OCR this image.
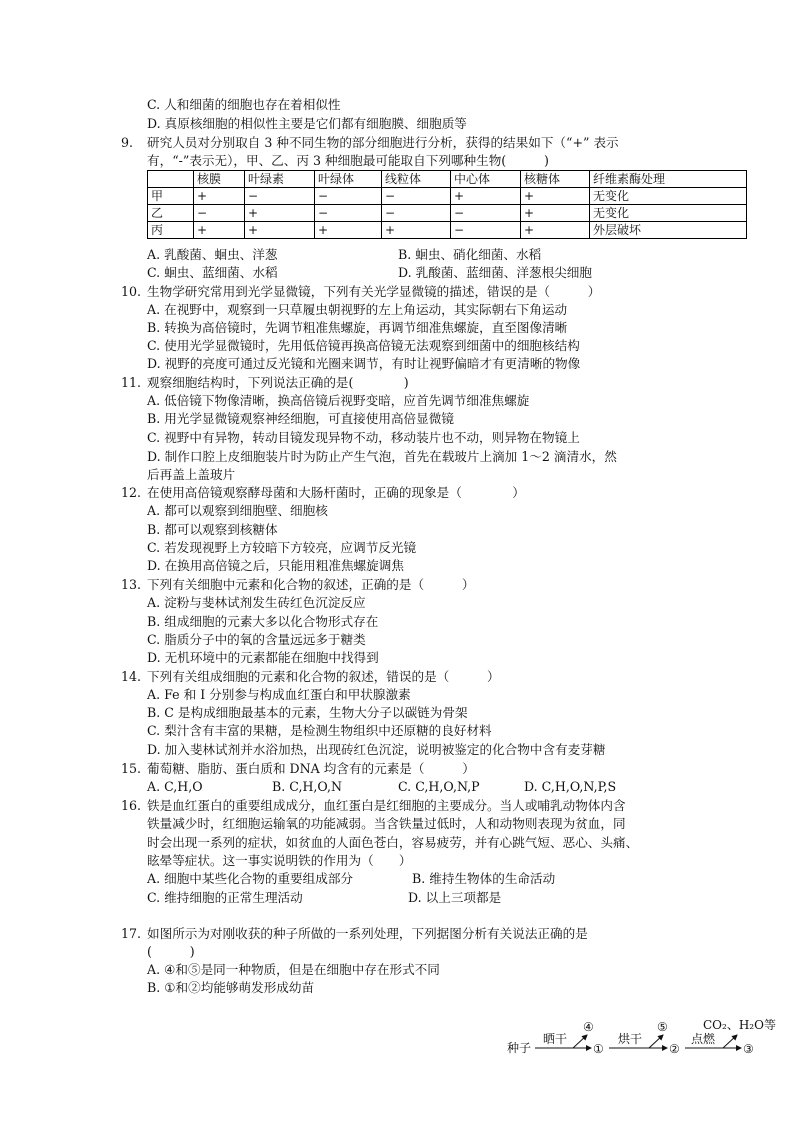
C. 人和细菌的细胞也存在着相似性
D. 真原核细胞的相似性主要是它们都有细胞膜、细胞质等
9. 研究人员对分别取自 3 种不同生物的部分细胞进行分析，获得的结果如下（“+” 表示
有，“-”表示无），甲、乙、丙 3 种细胞最可能取自下列哪种生物(　　　)
	核膜	叶绿素	叶绿体	线粒体	中心体	核糖体	纤维素酶处理
甲	+	−	−	−	+	+	无变化
乙	−	+	−	−	−	+	无变化
丙	+	+	+	+	−	+	外层破坏
A. 乳酸菌、蛔虫、洋葱	B. 蛔虫、硝化细菌、水稻
C. 蛔虫、蓝细菌、水稻	D. 乳酸菌、蓝细菌、洋葱根尖细胞
10. 生物学研究常用到光学显微镜，下列有关光学显微镜的描述，错误的是（　　　）
A. 在视野中，观察到一只草履虫朝视野的左上角运动，其实际朝右下角运动
B. 转换为高倍镜时，先调节粗准焦螺旋，再调节细准焦螺旋，直至图像清晰
C. 使用光学显微镜时，先用低倍镜再换高倍镜无法观察到细菌中的细胞核结构
D. 视野的亮度可通过反光镜和光圈来调节，有时让视野偏暗才有更清晰的物像
11. 观察细胞结构时，下列说法正确的是(　　　　)
A. 低倍镜下物像清晰，换高倍镜后视野变暗，应首先调节细准焦螺旋
B. 用光学显微镜观察神经细胞，可直接使用高倍显微镜
C. 视野中有异物，转动目镜发现异物不动，移动装片也不动，则异物在物镜上
D. 制作口腔上皮细胞装片时为防止产生气泡，首先在载玻片上滴加 1～2 滴清水，然
后再盖上盖玻片
12. 在使用高倍镜观察酵母菌和大肠杆菌时，正确的现象是（　　　　）
A. 都可以观察到细胞壁、细胞核
B. 都可以观察到核糖体
C. 若发现视野上方较暗下方较亮，应调节反光镜
D. 在换用高倍镜之后，只能用粗准焦螺旋调焦
13. 下列有关细胞中元素和化合物的叙述，正确的是（　　　）
A. 淀粉与斐林试剂发生砖红色沉淀反应
B. 组成细胞的元素大多以化合物形式存在
C. 脂质分子中的氧的含量远远多于糖类
D. 无机环境中的元素都能在细胞中找得到
14. 下列有关组成细胞的元素和化合物的叙述，错误的是（　　　）
A. Fe 和 I 分别参与构成血红蛋白和甲状腺激素
B. C 是构成细胞最基本的元素，生物大分子以碳链为骨架
C. 梨汁含有丰富的果糖，是检测生物组织中还原糖的良好材料
D. 加入斐林试剂并水浴加热，出现砖红色沉淀，说明被鉴定的化合物中含有麦芽糖
15. 葡萄糖、脂肪、蛋白质和 DNA 均含有的元素是（　　　）
A. C,H,O	B. C,H,O,N	C. C,H,O,N,P	D. C,H,O,N,P,S
16. 铁是血红蛋白的重要组成成分，血红蛋白是红细胞的主要成分。当人或哺乳动物体内含
铁量减少时，红细胞运输氧的功能减弱。当含铁量过低时，人和动物则表现为贫血，同
时会出现一系列的症状，如贫血的人面色苍白，容易疲劳，并有心跳气短、恶心、头痛、
眩晕等症状。这一事实说明铁的作用为（　　）
A. 细胞中某些化合物的重要组成部分	B. 维持生物体的生命活动
C. 维持细胞的正常生理活动	D. 以上三项都是
17. 如图所示为对刚收获的种子所做的一系列处理，下列据图分析有关说法正确的是
(　　　)
A. ④和⑤是同一种物质，但是在细胞中存在形式不同
B. ①和②均能够萌发形成幼苗
种子
晒干
④
①
烘干
⑤
②
点燃
CO₂、H₂O等
③
